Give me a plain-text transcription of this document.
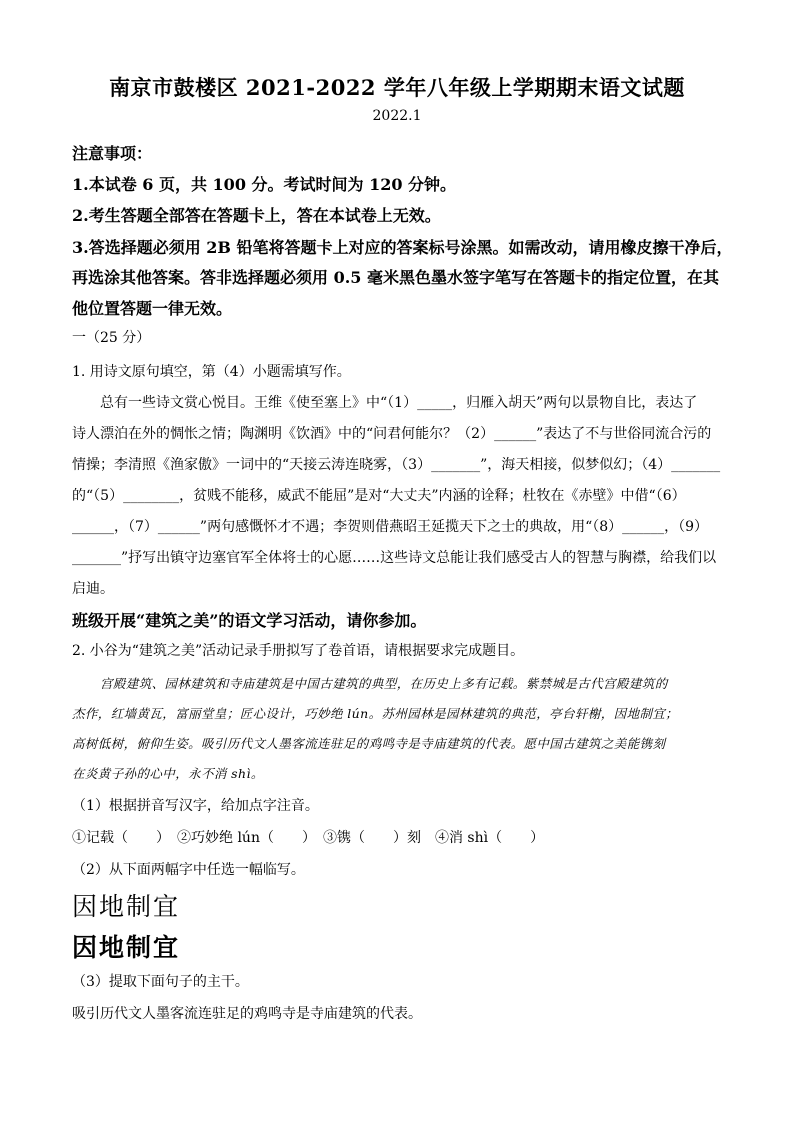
南京市鼓楼区 2021-2022 学年八年级上学期期末语文试题
2022.1
注意事项：
1.本试卷 6 页，共 100 分。考试时间为 120 分钟。
2.考生答题全部答在答题卡上，答在本试卷上无效。
3.答选择题必须用 2B 铅笔将答题卡上对应的答案标号涂黑。如需改动，请用橡皮擦干净后，
再选涂其他答案。答非选择题必须用 0.5 毫米黑色墨水签字笔写在答题卡的指定位置，在其
他位置答题一律无效。
一（25 分）
1. 用诗文原句填空，第（4）小题需填写作。
总有一些诗文赏心悦目。王维《使至塞上》中“（1）_____，归雁入胡天”两句以景物自比，表达了
诗人漂泊在外的惆怅之情；陶渊明《饮酒》中的“问君何能尔？（2）______”表达了不与世俗同流合污的
情操；李清照《渔家傲》一词中的“天接云涛连晓雾，（3）_______”，海天相接，似梦似幻；（4）_______
的“（5）________，贫贱不能移，威武不能屈”是对“大丈夫”内涵的诠释；杜牧在《赤壁》中借“（6）
______，（7）______”两句感慨怀才不遇；李贺则借燕昭王延揽天下之士的典故，用“（8）______，（9）
_______”抒写出镇守边塞官军全体将士的心愿……这些诗文总能让我们感受古人的智慧与胸襟，给我们以
启迪。
班级开展“建筑之美”的语文学习活动，请你参加。
2. 小谷为“建筑之美”活动记录手册拟写了卷首语，请根据要求完成题目。
宫殿建筑、园林建筑和寺庙建筑是中国古建筑的典型，在历史上多有记载。紫禁城是古代宫殿建筑的
杰作，红墙黄瓦，富丽堂皇；匠心设计，巧妙绝 lún。苏州园林是园林建筑的典范，亭台轩榭，因地制宜；
高树低树，俯仰生姿。吸引历代文人墨客流连驻足的鸡鸣寺是寺庙建筑的代表。愿中国古建筑之美能镌刻
在炎黄子孙的心中，永不消 shì。
（1）根据拼音写汉字，给加点字注音。
①记载（　　）　②巧妙绝 lún（　　）　③镌（　　）刻　④消 shì（　　）
（2）从下面两幅字中任选一幅临写。
因地制宜
因地制宜
（3）提取下面句子的主干。
吸引历代文人墨客流连驻足的鸡鸣寺是寺庙建筑的代表。
